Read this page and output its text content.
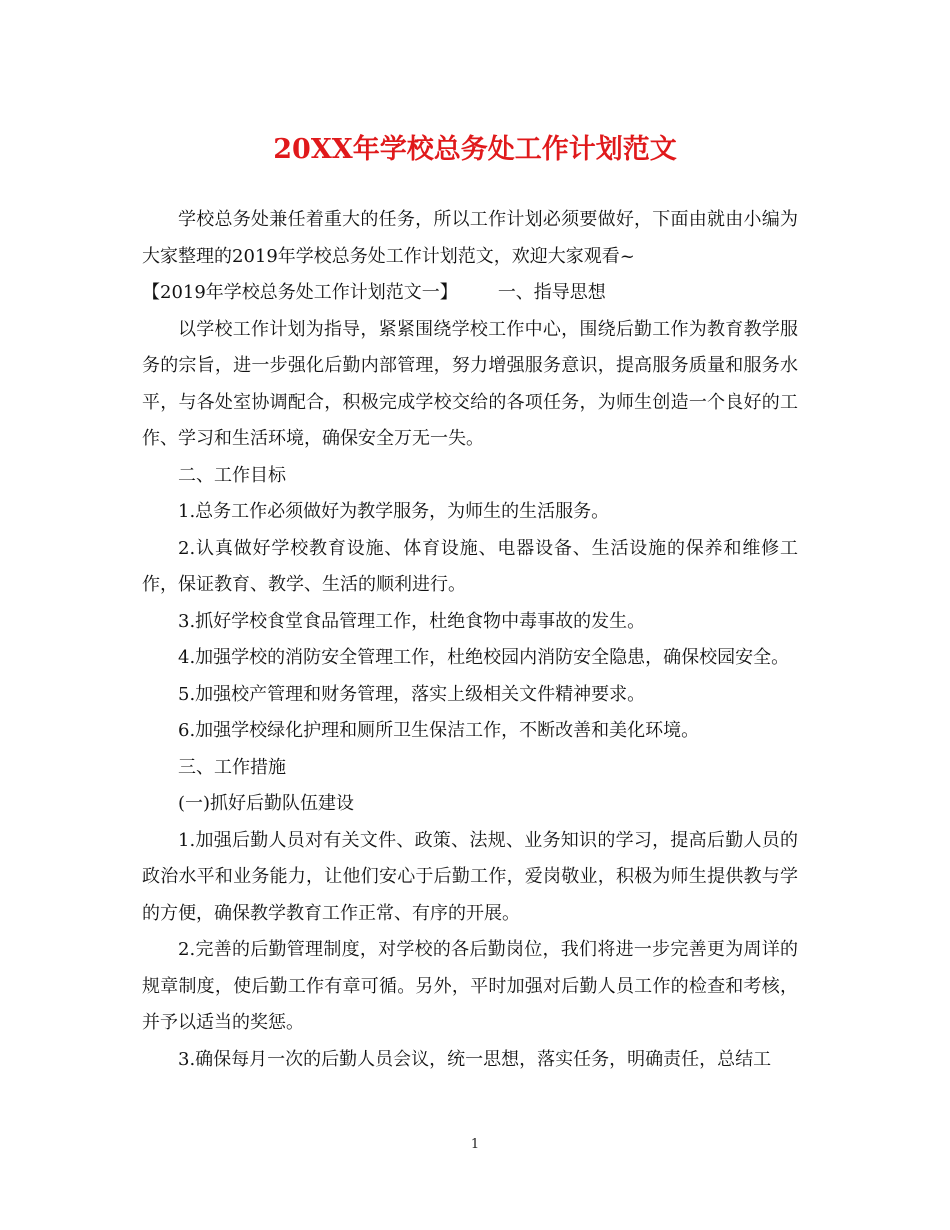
20XX年学校总务处工作计划范文

学校总务处兼任着重大的任务，所以工作计划必须要做好，下面由就由小编为大家整理的2019年学校总务处工作计划范文，欢迎大家观看~

【2019年学校总务处工作计划范文一】 一、指导思想

以学校工作计划为指导，紧紧围绕学校工作中心，围绕后勤工作为教育教学服务的宗旨，进一步强化后勤内部管理，努力增强服务意识，提高服务质量和服务水平，与各处室协调配合，积极完成学校交给的各项任务，为师生创造一个良好的工作、学习和生活环境，确保安全万无一失。

二、工作目标

1.总务工作必须做好为教学服务，为师生的生活服务。

2.认真做好学校教育设施、体育设施、电器设备、生活设施的保养和维修工作，保证教育、教学、生活的顺利进行。

3.抓好学校食堂食品管理工作，杜绝食物中毒事故的发生。

4.加强学校的消防安全管理工作，杜绝校园内消防安全隐患，确保校园安全。

5.加强校产管理和财务管理，落实上级相关文件精神要求。

6.加强学校绿化护理和厕所卫生保洁工作，不断改善和美化环境。

三、工作措施

(一)抓好后勤队伍建设

1.加强后勤人员对有关文件、政策、法规、业务知识的学习，提高后勤人员的政治水平和业务能力，让他们安心于后勤工作，爱岗敬业，积极为师生提供教与学的方便，确保教学教育工作正常、有序的开展。

2.完善的后勤管理制度，对学校的各后勤岗位，我们将进一步完善更为周详的规章制度，使后勤工作有章可循。另外，平时加强对后勤人员工作的检查和考核，并予以适当的奖惩。

3.确保每月一次的后勤人员会议，统一思想，落实任务，明确责任，总结工

1
